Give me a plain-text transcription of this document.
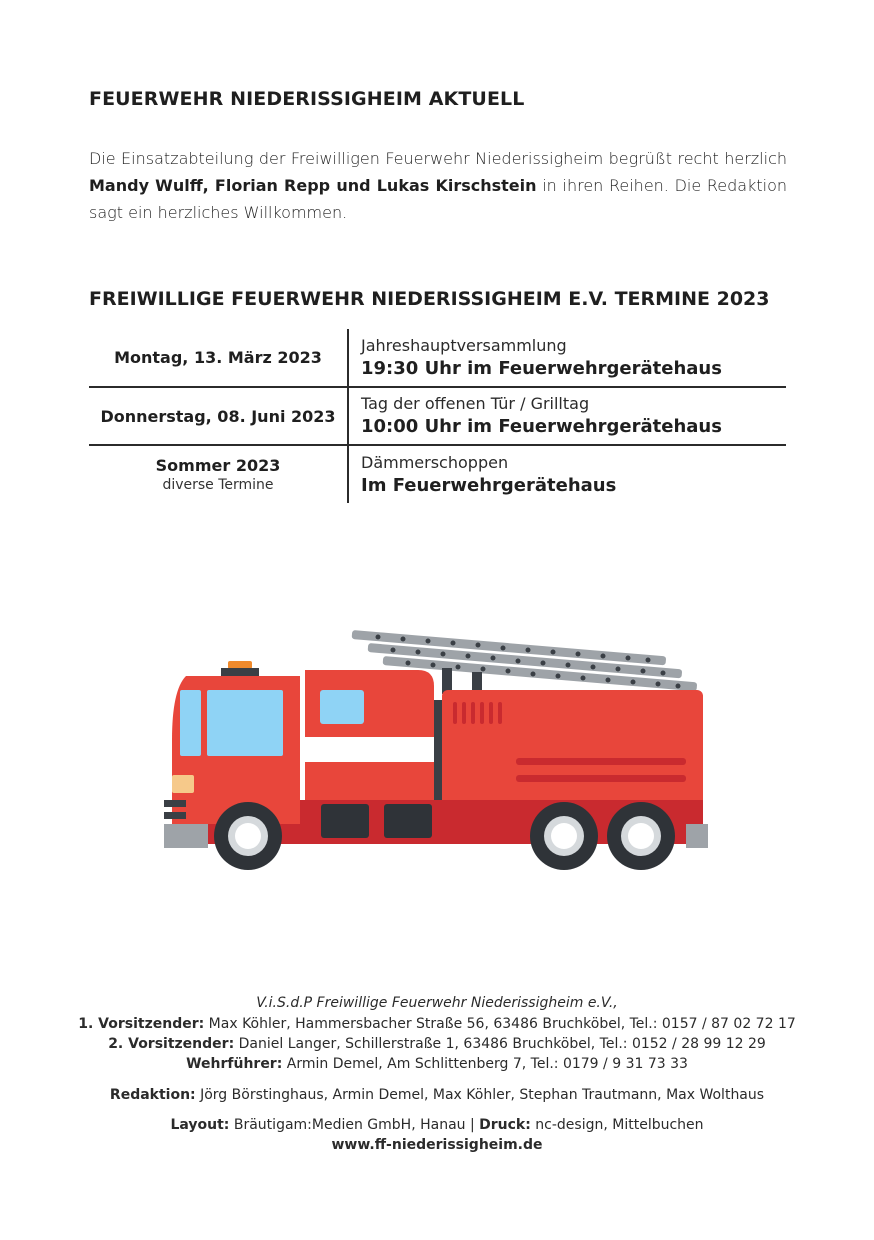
FEUERWEHR NIEDERISSIGHEIM AKTUELL

Die Einsatzabteilung der Freiwilligen Feuerwehr Niederissigheim begrüßt recht herzlich Mandy Wulff, Florian Repp und Lukas Kirschstein in ihren Reihen. Die Redaktion sagt ein herzliches Willkommen.

FREIWILLIGE FEUERWEHR NIEDERISSIGHEIM E.V. TERMINE 2023
Montag, 13. März 2023	Jahreshauptversammlung
19:30 Uhr im Feuerwehrgerätehaus

Donnerstag, 08. Juni 2023	Tag der offenen Tür / Grilltag
10:00 Uhr im Feuerwehrgerätehaus

Sommer 2023
diverse Termine	Dämmerschoppen
Im Feuerwehrgerätehaus
V.i.S.d.P Freiwillige Feuerwehr Niederissigheim e.V.,
1. Vorsitzender: Max Köhler, Hammersbacher Straße 56, 63486 Bruchköbel, Tel.: 0157 / 87 02 72 17
2. Vorsitzender: Daniel Langer, Schillerstraße 1, 63486 Bruchköbel, Tel.: 0152 / 28 99 12 29
Wehrführer: Armin Demel, Am Schlittenberg 7, Tel.: 0179 / 9 31 73 33
Redaktion: Jörg Börstinghaus, Armin Demel, Max Köhler, Stephan Trautmann, Max Wolthaus
Layout: Bräutigam:Medien GmbH, Hanau | Druck: nc-design, Mittelbuchen
www.ff-niederissigheim.de
